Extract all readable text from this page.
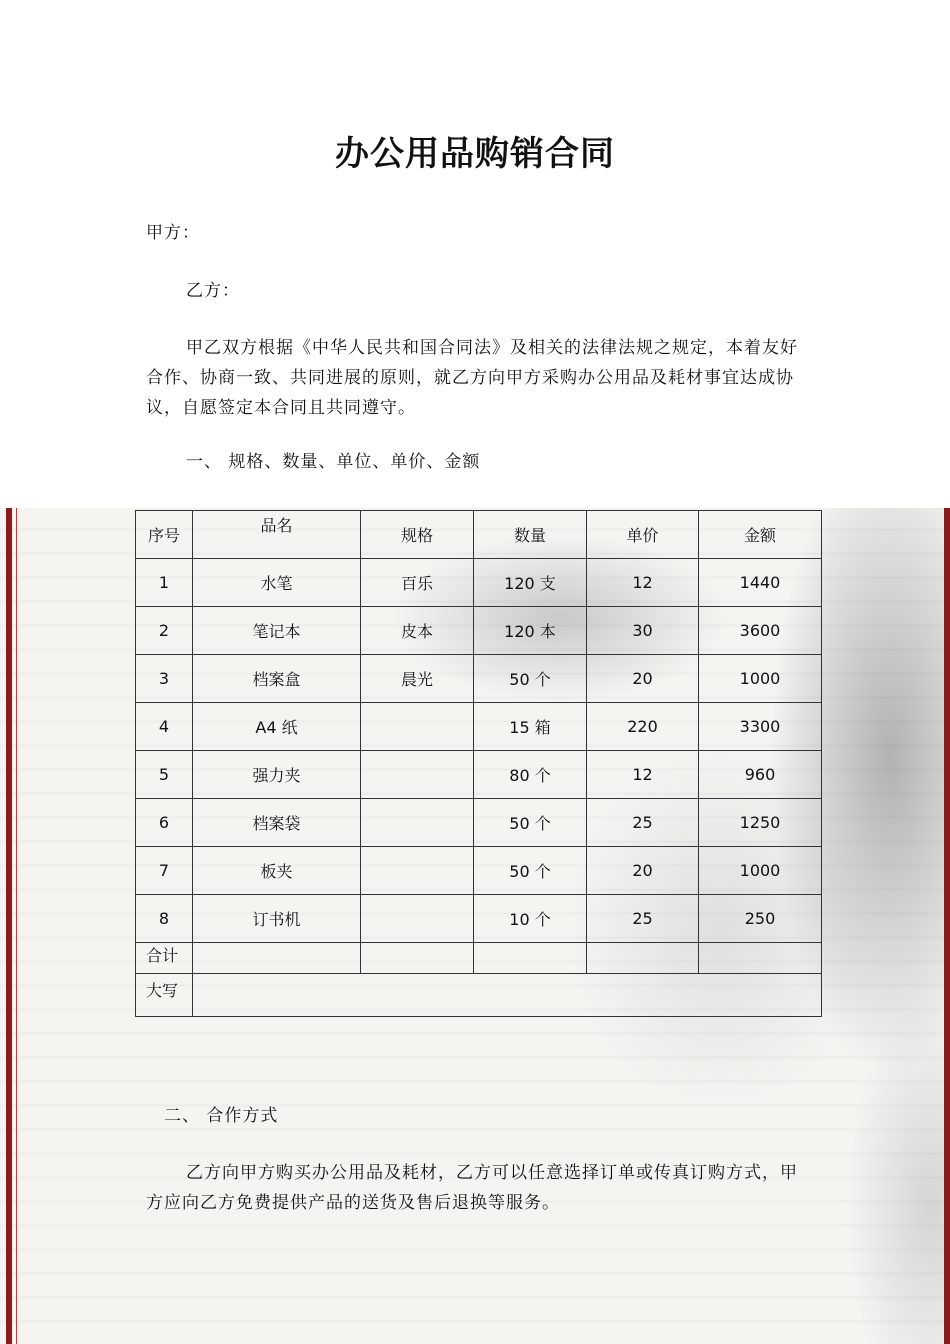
办公用品购销合同
甲方：
乙方：
甲乙双方根据《中华人民共和国合同法》及相关的法律法规之规定，本着友好合作、协商一致、共同进展的原则，就乙方向甲方采购办公用品及耗材事宜达成协议，自愿签定本合同且共同遵守。
一、 规格、数量、单位、单价、金额
序号	品名	规格	数量	单价	金额
1	水笔	百乐	120 支	12	1440
2	笔记本	皮本	120 本	30	3600
3	档案盒	晨光	50 个	20	1000
4	A4 纸		15 箱	220	3300
5	强力夹		80 个	12	960
6	档案袋		50 个	25	1250
7	板夹		50 个	20	1000
8	订书机		10 个	25	250
合计					
大写					
二、 合作方式
乙方向甲方购买办公用品及耗材，乙方可以任意选择订单或传真订购方式，甲方应向乙方免费提供产品的送货及售后退换等服务。
